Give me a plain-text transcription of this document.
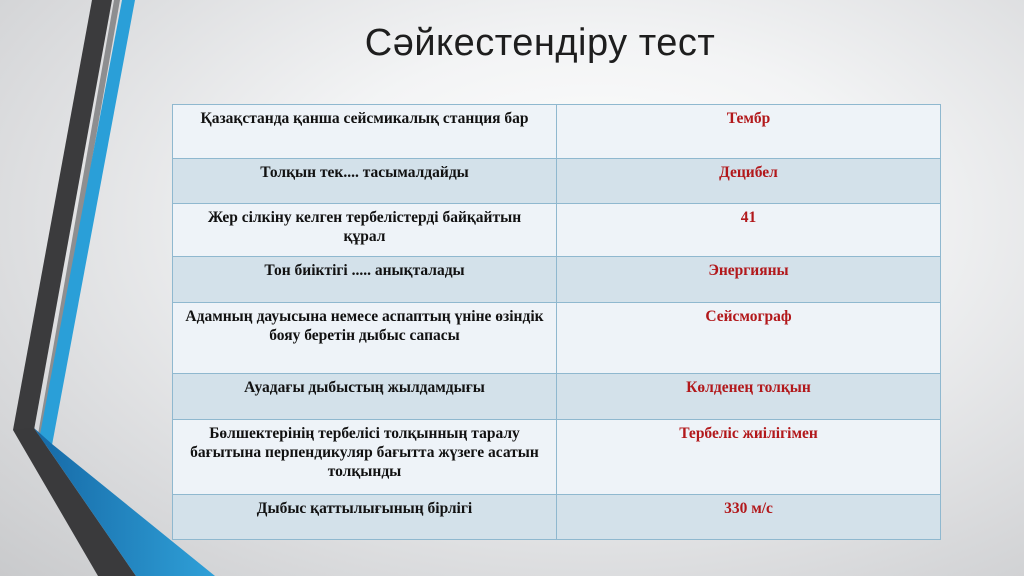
Сәйкестендіру тест
Қазақстанда қанша сейсмикалық станция бар	Тембр
Толқын тек.... тасымалдайды	Децибел
Жер сілкіну келген тербелістерді байқайтын құрал	41
Тон биіктігі ..... анықталады	Энергияны
Адамның дауысына немесе аспаптың үніне өзіндік бояу беретін дыбыс сапасы	Сейсмограф
Ауадағы дыбыстың жылдамдығы	Көлденең толқын
Бөлшектерінің тербелісі толқынның таралу бағытына перпендикуляр бағытта жүзеге асатын толқынды	Тербеліс жиілігімен
Дыбыс қаттылығының бірлігі	330 м/с
